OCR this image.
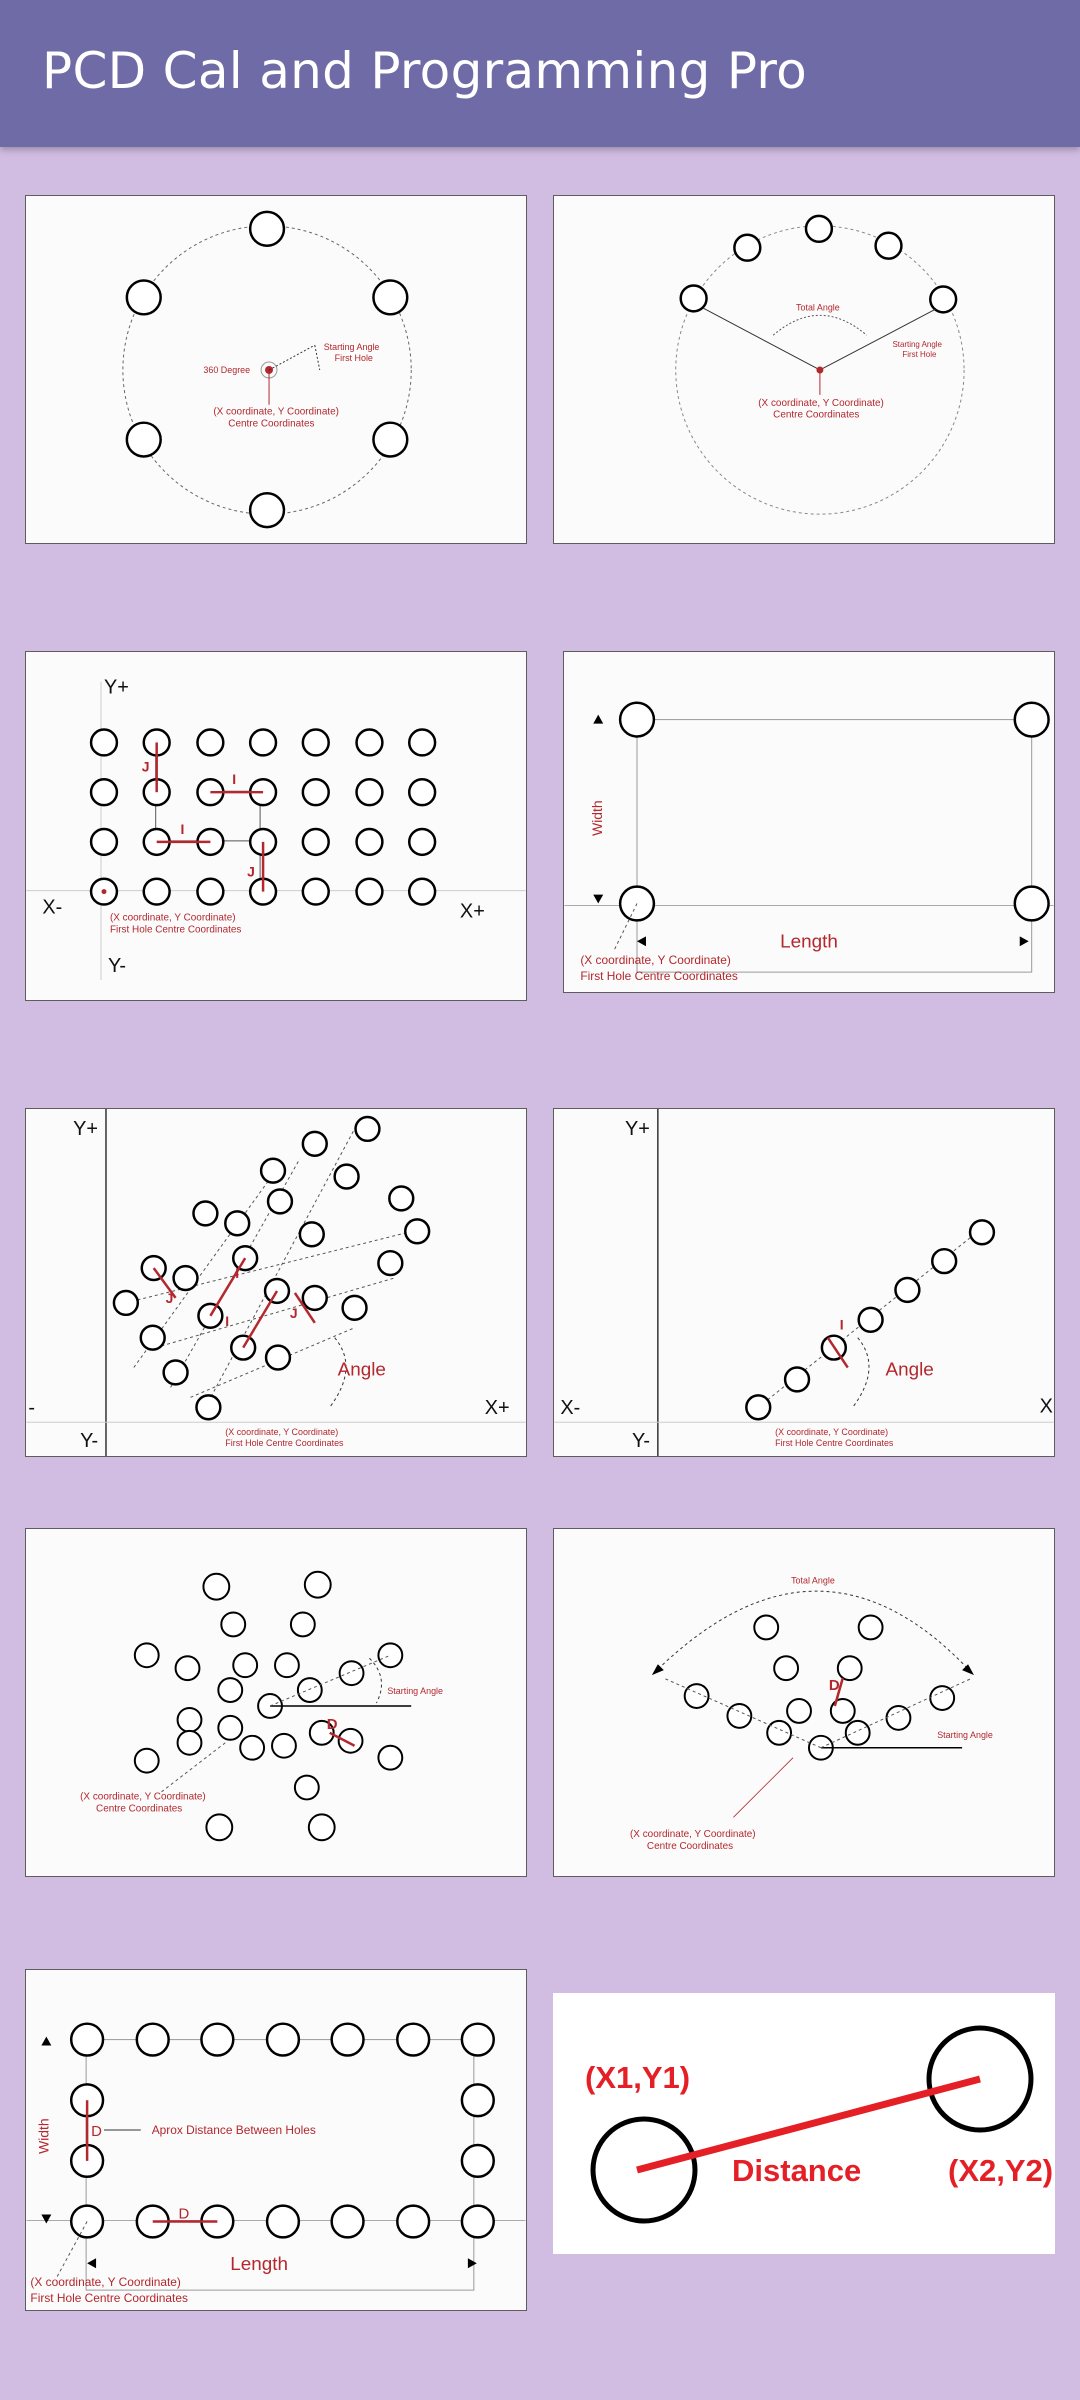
PCD Cal and Programming Pro
360 Degree
Starting Angle
First Hole
(X coordinate, Y Coordinate)
Centre Coordinates
Total Angle
Starting Angle
First Hole
(X coordinate, Y Coordinate)
Centre Coordinates
J
I
I
J
Y+
Y-
X-	X+
(X coordinate, Y Coordinate)
First Hole Centre Coordinates
Width
Length
(X coordinate, Y Coordinate)
First Hole Centre Coordinates
I
I
J
J
Angle
Y+
Y-
-	X+
(X coordinate, Y Coordinate)
First Hole Centre Coordinates
I
Angle
Y+
Y-
X-	X
(X coordinate, Y Coordinate)
First Hole Centre Coordinates
D
Starting Angle
(X coordinate, Y Coordinate)
Centre Coordinates
D
Total Angle
Starting Angle
(X coordinate, Y Coordinate)
Centre Coordinates
D
D
Aprox Distance Between Holes
Width
Length
(X coordinate, Y Coordinate)
First Hole Centre Coordinates
(X1,Y1)
(X2,Y2)
Distance
